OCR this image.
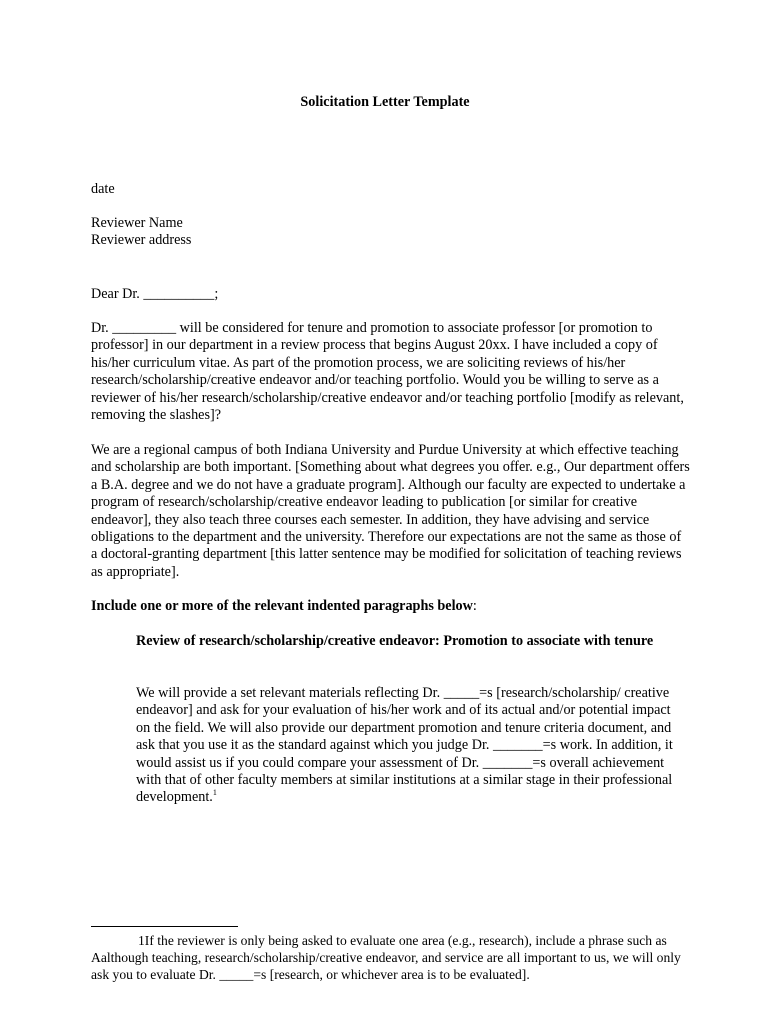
Solicitation Letter Template
date
Reviewer Name
Reviewer address
Dear Dr. __________;
Dr. _________ will be considered for tenure and promotion to associate professor [or promotion to professor] in our department in a review process that begins August 20xx. I have included a copy of his/her curriculum vitae. As part of the promotion process, we are soliciting reviews of his/her research/scholarship/creative endeavor and/or teaching portfolio. Would you be willing to serve as a reviewer of his/her research/scholarship/creative endeavor and/or teaching portfolio [modify as relevant, removing the slashes]?
We are a regional campus of both Indiana University and Purdue University at which effective teaching and scholarship are both important. [Something about what degrees you offer. e.g., Our department offers a B.A. degree and we do not have a graduate program]. Although our faculty are expected to undertake a program of research/scholarship/creative endeavor leading to publication [or similar for creative endeavor], they also teach three courses each semester. In addition, they have advising and service obligations to the department and the university. Therefore our expectations are not the same as those of a doctoral-granting department [this latter sentence may be modified for solicitation of teaching reviews as appropriate].
Include one or more of the relevant indented paragraphs below:
Review of research/scholarship/creative endeavor: Promotion to associate with tenure
We will provide a set relevant materials reflecting Dr. _____=s [research/scholarship/ creative endeavor] and ask for your evaluation of his/her work and of its actual and/or potential impact on the field. We will also provide our department promotion and tenure criteria document, and ask that you use it as the standard against which you judge Dr. _______=s work. In addition, it would assist us if you could compare your assessment of Dr. _______=s overall achievement with that of other faculty members at similar institutions at a similar stage in their professional development.$^1$
1If the reviewer is only being asked to evaluate one area (e.g., research), include a phrase such as Aalthough teaching, research/scholarship/creative endeavor, and service are all important to us, we will only ask you to evaluate Dr. _____=s [research, or whichever area is to be evaluated].
